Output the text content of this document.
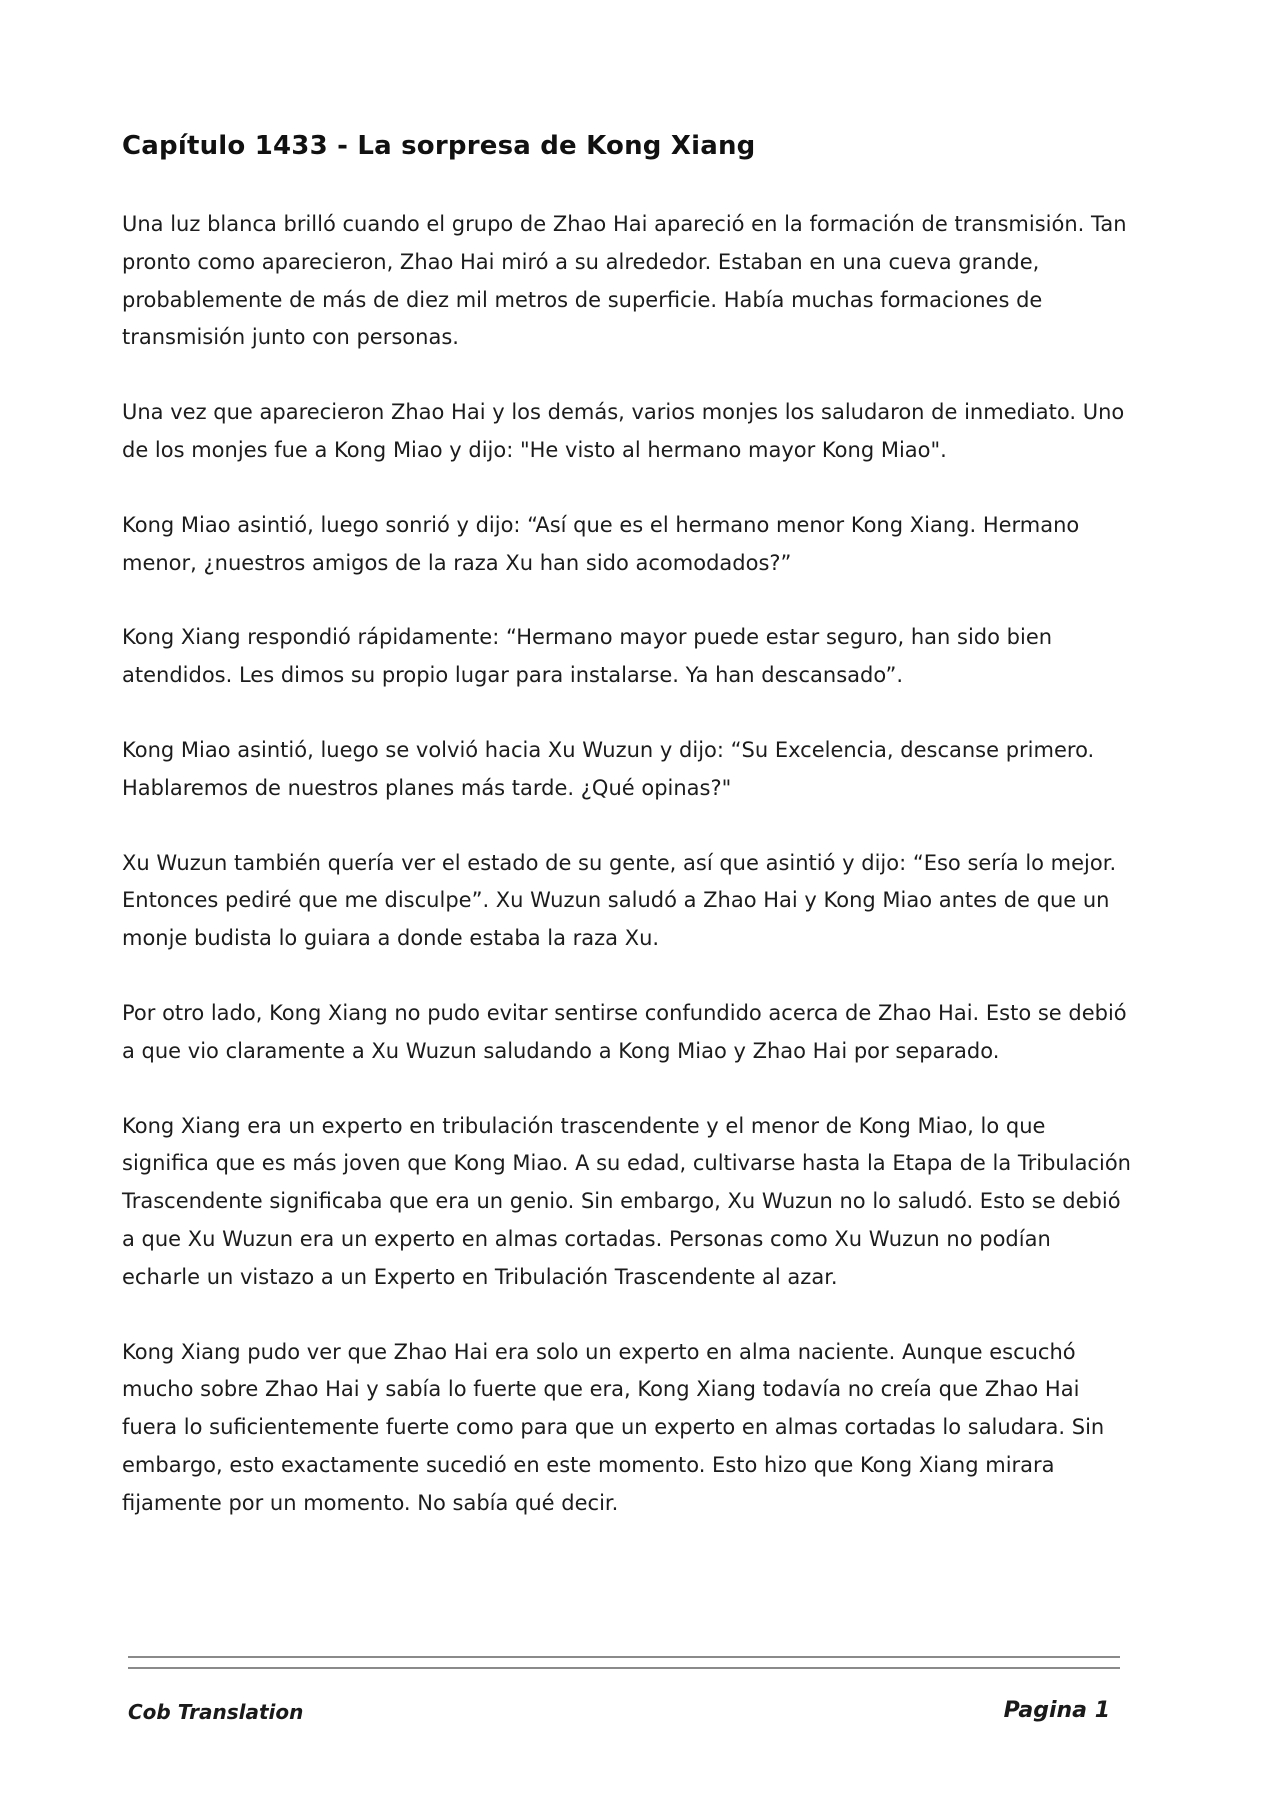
Capítulo 1433 - La sorpresa de Kong Xiang

Una luz blanca brilló cuando el grupo de Zhao Hai apareció en la formación de transmisión. Tan pronto como aparecieron, Zhao Hai miró a su alrededor. Estaban en una cueva grande, probablemente de más de diez mil metros de superficie. Había muchas formaciones de transmisión junto con personas.

Una vez que aparecieron Zhao Hai y los demás, varios monjes los saludaron de inmediato. Uno de los monjes fue a Kong Miao y dijo: "He visto al hermano mayor Kong Miao".

Kong Miao asintió, luego sonrió y dijo: “Así que es el hermano menor Kong Xiang. Hermano menor, ¿nuestros amigos de la raza Xu han sido acomodados?”

Kong Xiang respondió rápidamente: “Hermano mayor puede estar seguro, han sido bien atendidos. Les dimos su propio lugar para instalarse. Ya han descansado”.

Kong Miao asintió, luego se volvió hacia Xu Wuzun y dijo: “Su Excelencia, descanse primero. Hablaremos de nuestros planes más tarde. ¿Qué opinas?"

Xu Wuzun también quería ver el estado de su gente, así que asintió y dijo: “Eso sería lo mejor. Entonces pediré que me disculpe”. Xu Wuzun saludó a Zhao Hai y Kong Miao antes de que un monje budista lo guiara a donde estaba la raza Xu.

Por otro lado, Kong Xiang no pudo evitar sentirse confundido acerca de Zhao Hai. Esto se debió a que vio claramente a Xu Wuzun saludando a Kong Miao y Zhao Hai por separado.

Kong Xiang era un experto en tribulación trascendente y el menor de Kong Miao, lo que significa que es más joven que Kong Miao. A su edad, cultivarse hasta la Etapa de la Tribulación Trascendente significaba que era un genio. Sin embargo, Xu Wuzun no lo saludó. Esto se debió a que Xu Wuzun era un experto en almas cortadas. Personas como Xu Wuzun no podían echarle un vistazo a un Experto en Tribulación Trascendente al azar.

Kong Xiang pudo ver que Zhao Hai era solo un experto en alma naciente. Aunque escuchó mucho sobre Zhao Hai y sabía lo fuerte que era, Kong Xiang todavía no creía que Zhao Hai fuera lo suficientemente fuerte como para que un experto en almas cortadas lo saludara. Sin embargo, esto exactamente sucedió en este momento. Esto hizo que Kong Xiang mirara fijamente por un momento. No sabía qué decir.

Cob Translation	Pagina 1
